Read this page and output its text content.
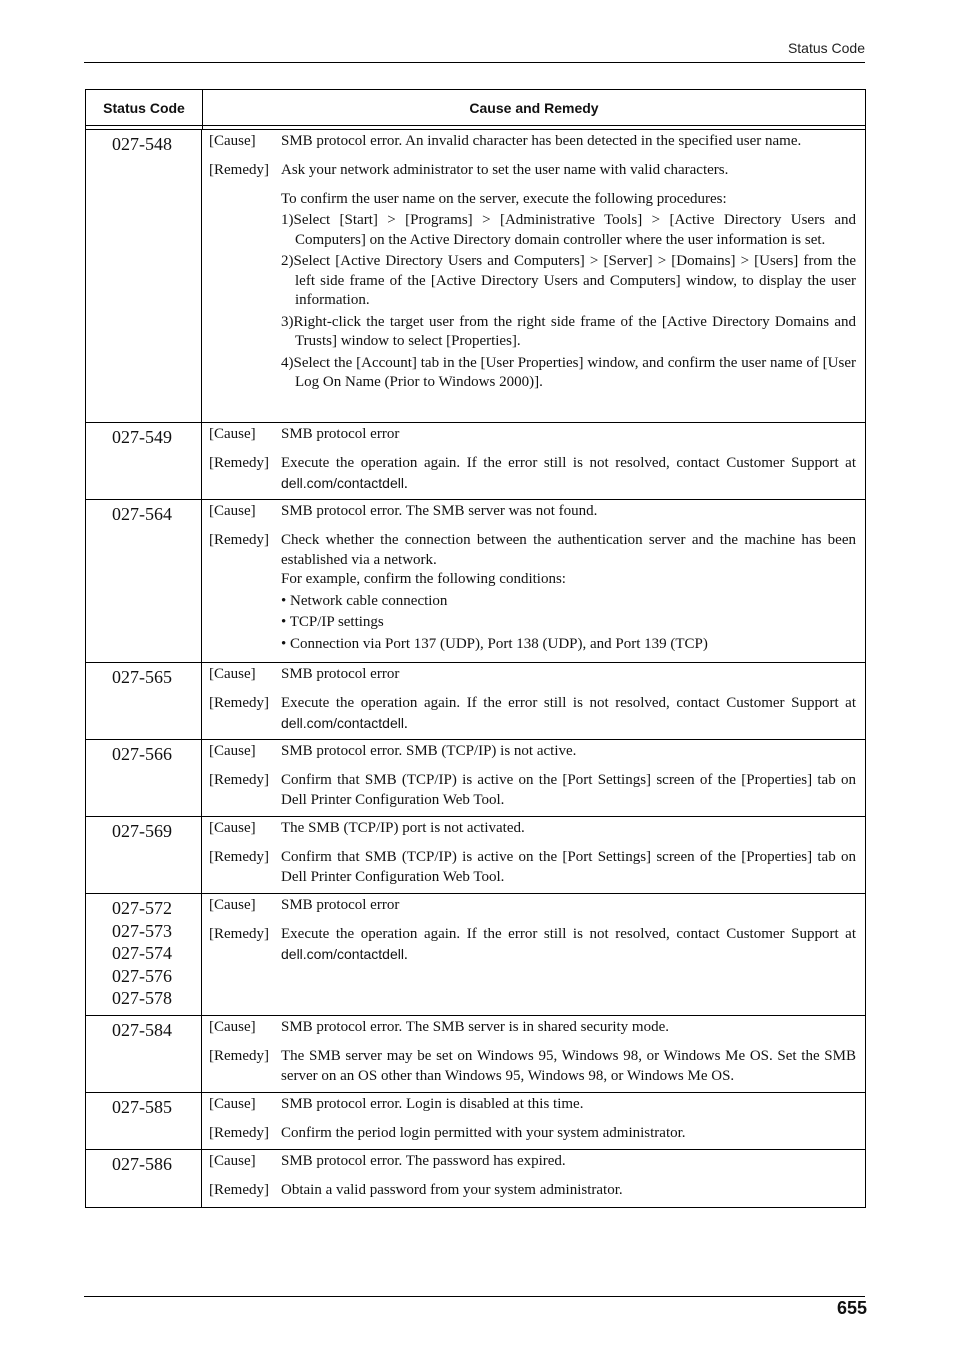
Status Code
Status Code	Cause and Remedy
027-548	[Cause]	SMB protocol error. An invalid character has been detected in the specified user name.
[Remedy] Ask your network administrator to set the user name with valid characters.
To confirm the user name on the server, execute the following procedures:
1)Select [Start] > [Programs] > [Administrative Tools] > [Active Directory Users and Computers] on the Active Directory domain controller where the user information is set.
2)Select [Active Directory Users and Computers] > [Server] > [Domains] > [Users] from the left side frame of the [Active Directory Users and Computers] window, to display the user information.
3)Right-click the target user from the right side frame of the [Active Directory Domains and Trusts] window to select [Properties].
4)Select the [Account] tab in the [User Properties] window, and confirm the user name of [User Log On Name (Prior to Windows 2000)].
027-549	[Cause]	SMB protocol error
[Remedy] Execute the operation again. If the error still is not resolved, contact Customer Support at dell.com/contactdell.
027-564	[Cause]	SMB protocol error. The SMB server was not found.
[Remedy] Check whether the connection between the authentication server and the machine has been established via a network.
For example, confirm the following conditions:
• Network cable connection
• TCP/IP settings
• Connection via Port 137 (UDP), Port 138 (UDP), and Port 139 (TCP)
027-565	[Cause]	SMB protocol error
[Remedy] Execute the operation again. If the error still is not resolved, contact Customer Support at dell.com/contactdell.
027-566	[Cause]	SMB protocol error. SMB (TCP/IP) is not active.
[Remedy] Confirm that SMB (TCP/IP) is active on the [Port Settings] screen of the [Properties] tab on Dell Printer Configuration Web Tool.
027-569	[Cause]	The SMB (TCP/IP) port is not activated.
[Remedy] Confirm that SMB (TCP/IP) is active on the [Port Settings] screen of the [Properties] tab on Dell Printer Configuration Web Tool.
027-572
027-573
027-574
027-576
027-578
[Cause]	SMB protocol error
[Remedy] Execute the operation again. If the error still is not resolved, contact Customer Support at dell.com/contactdell.
027-584	[Cause]	SMB protocol error. The SMB server is in shared security mode.
[Remedy] The SMB server may be set on Windows 95, Windows 98, or Windows Me OS. Set the SMB server on an OS other than Windows 95, Windows 98, or Windows Me OS.
027-585	[Cause]	SMB protocol error. Login is disabled at this time.
[Remedy] Confirm the period login permitted with your system administrator.
027-586	[Cause]	SMB protocol error. The password has expired.
[Remedy] Obtain a valid password from your system administrator.
655
